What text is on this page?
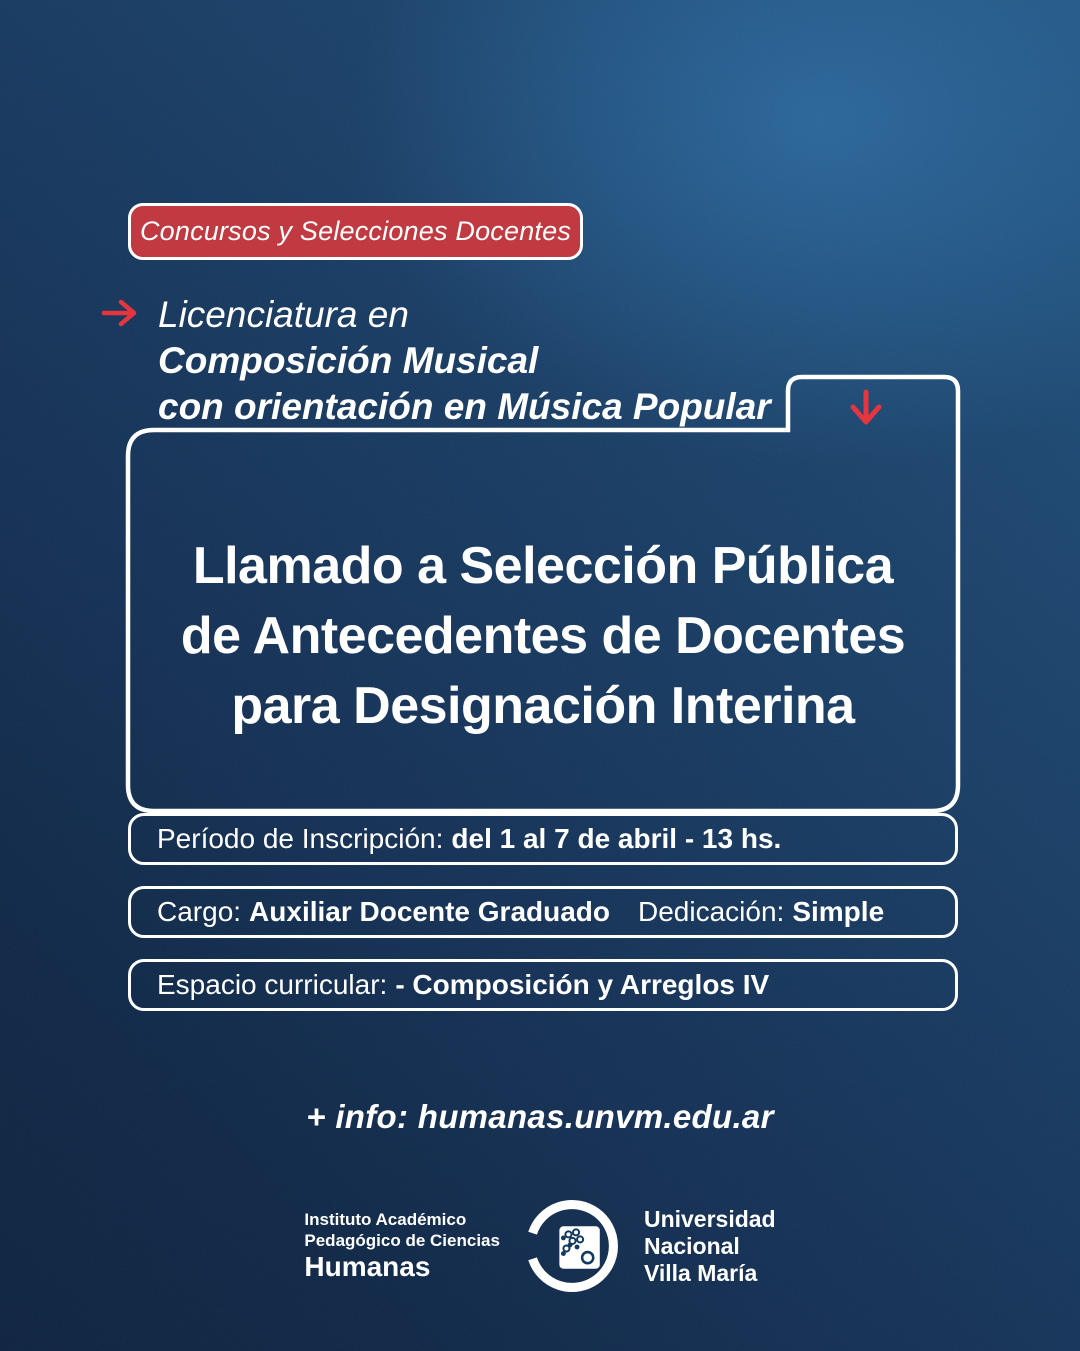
Concursos y Selecciones Docentes
Licenciatura en
Composición Musical
con orientación en Música Popular
Llamado a Selección Pública
de Antecedentes de Docentes
para Designación Interina
Período de Inscripción: del 1 al 7 de abril - 13 hs.
Cargo: Auxiliar Docente Graduado Dedicación: Simple
Espacio curricular: - Composición y Arreglos IV
+ info: humanas.unvm.edu.ar
Instituto Académico
Pedagógico de Ciencias
Humanas
Universidad
Nacional
Villa María
